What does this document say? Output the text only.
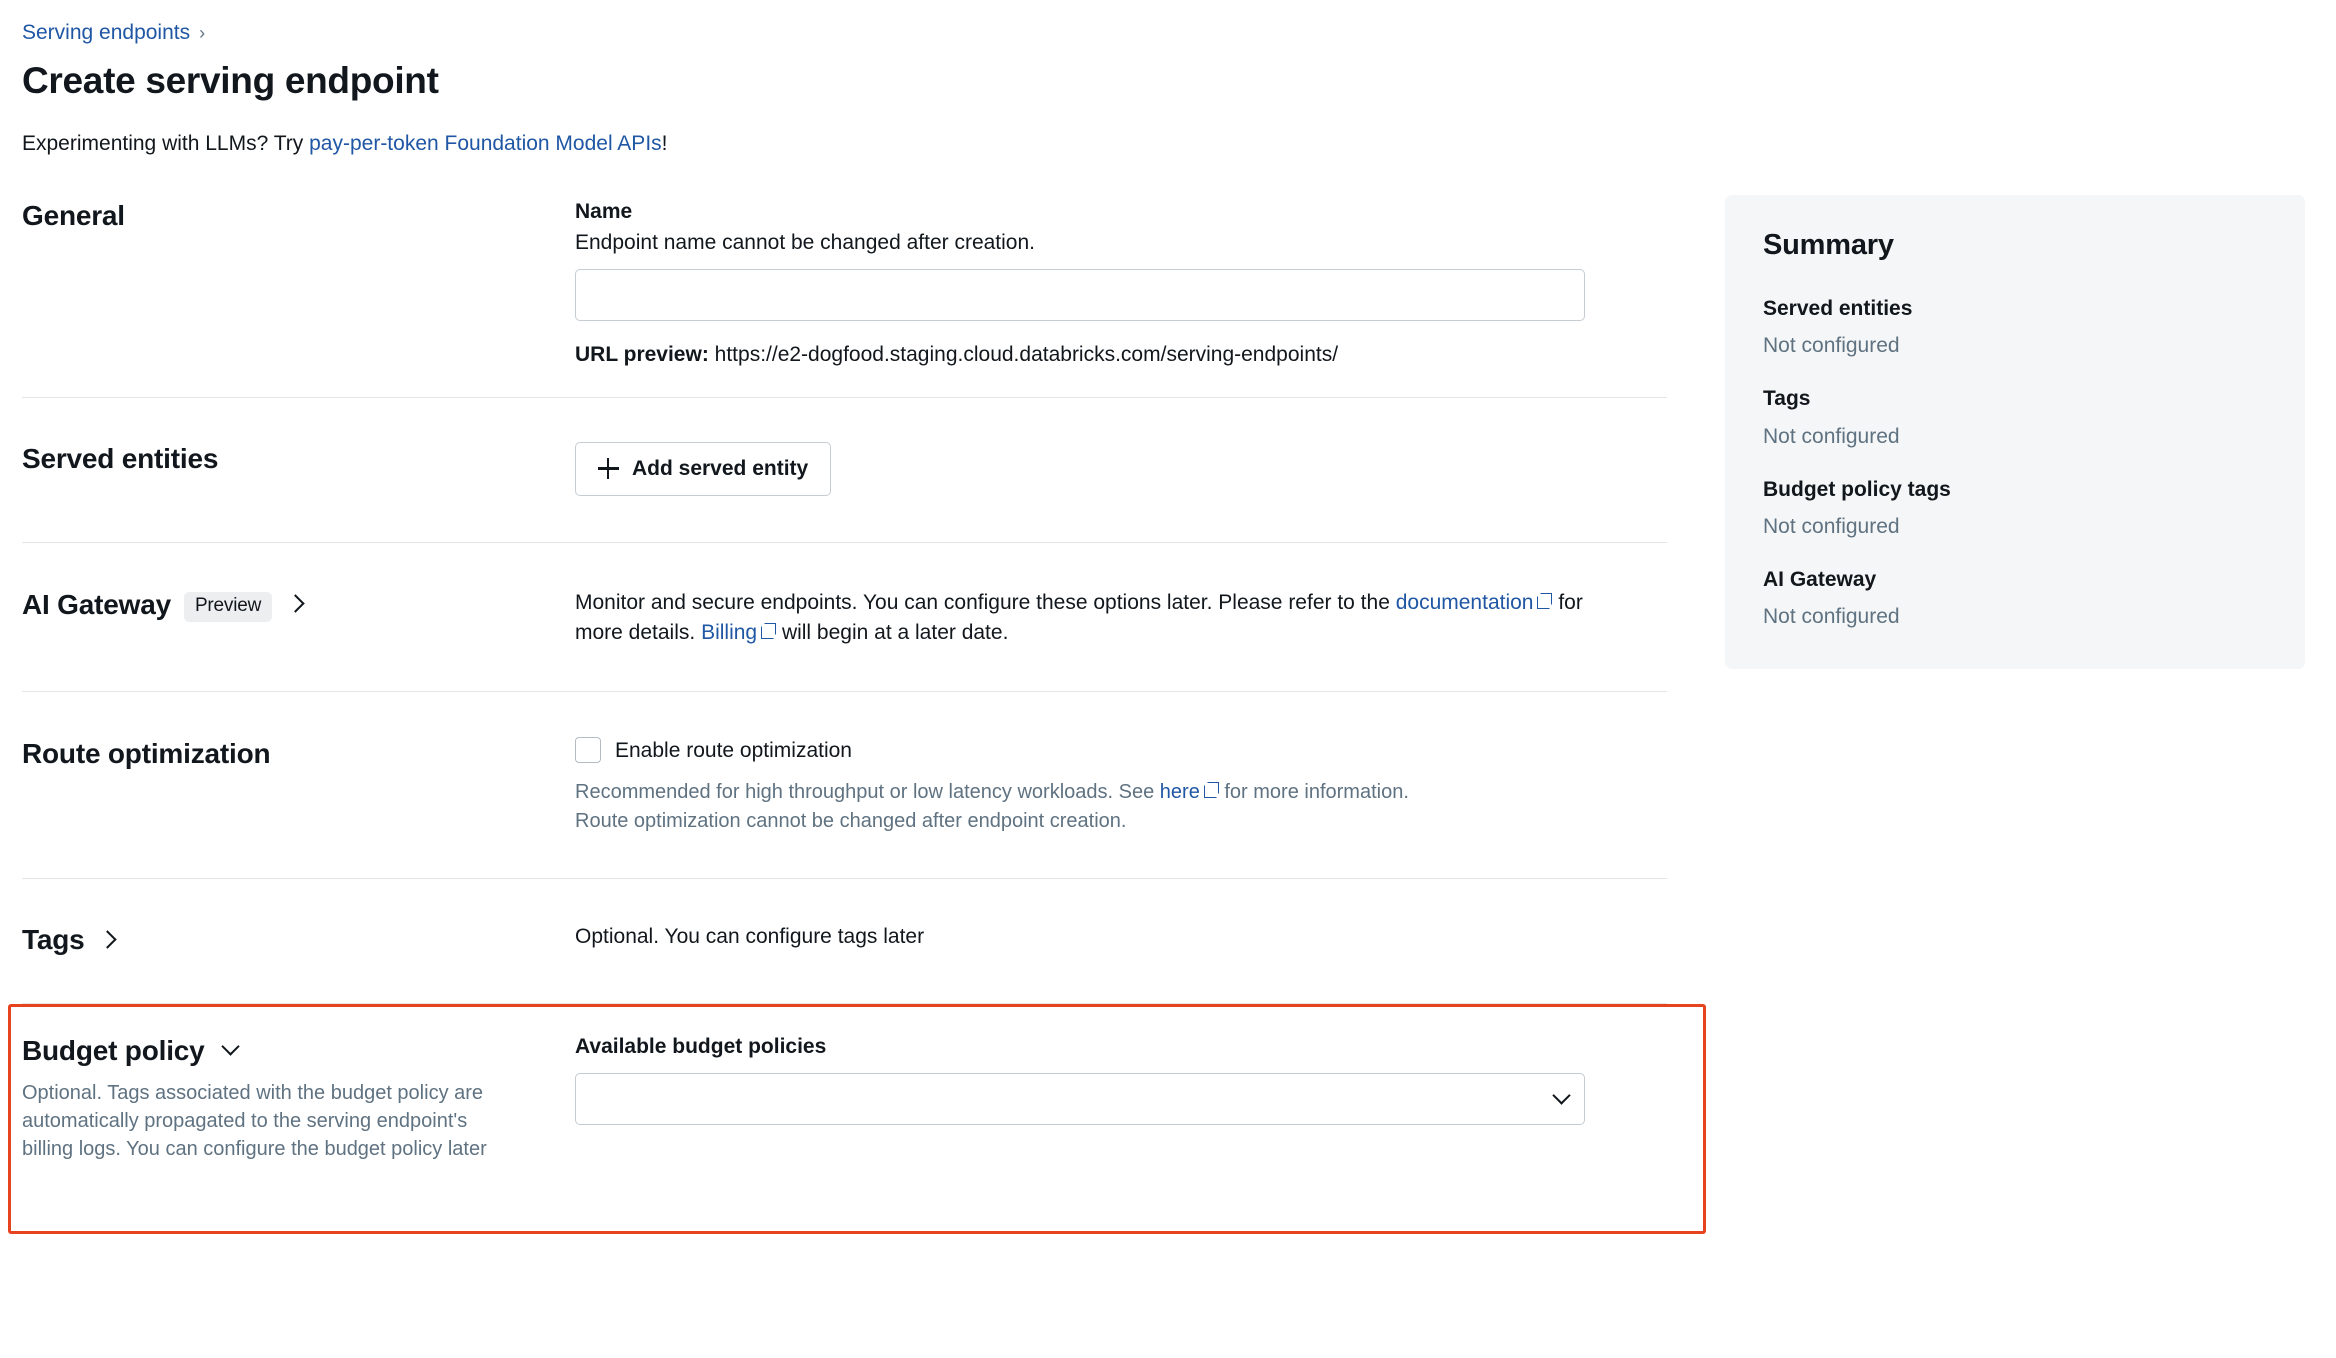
Serving endpoints ›
Create serving endpoint
Experimenting with LLMs? Try pay-per-token Foundation Model APIs!
General	Name
Endpoint name cannot be changed after creation.
URL preview: https://e2-dogfood.staging.cloud.databricks.com/serving-endpoints/
Served entities	Add served entity
AI Gateway	Preview	Monitor and secure endpoints. You can configure these options later. Please refer to the documentation for more details. Billing will begin at a later date.
Route optimization	Enable route optimization
Recommended for high throughput or low latency workloads. See here for more information.
Route optimization cannot be changed after endpoint creation.
Tags	Optional. You can configure tags later
Budget policy
Optional. Tags associated with the budget policy are automatically propagated to the serving endpoint's billing logs. You can configure the budget policy later
Available budget policies
Summary
Served entities
Not configured
Tags
Not configured
Budget policy tags
Not configured
AI Gateway
Not configured
